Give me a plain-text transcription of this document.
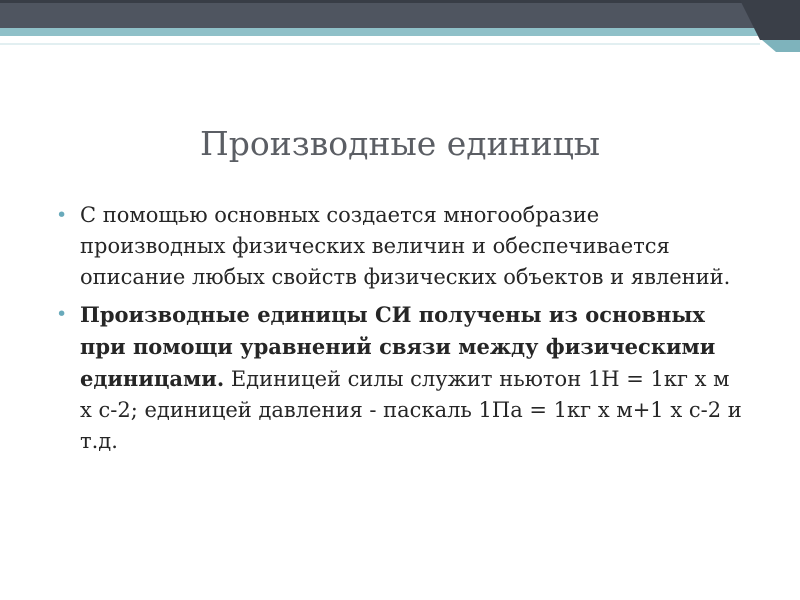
Производные единицы
• С помощью основных создается многообразие производных физических величин и обеспечивается описание любых свойств физических объектов и явлений.
• Производные единицы СИ получены из основных при помощи уравнений связи между физическими единицами. Единицей силы служит ньютон 1Н = 1кг х м х с-2; единицей давления - паскаль 1Па = 1кг х м+1 х с-2 и т.д.
